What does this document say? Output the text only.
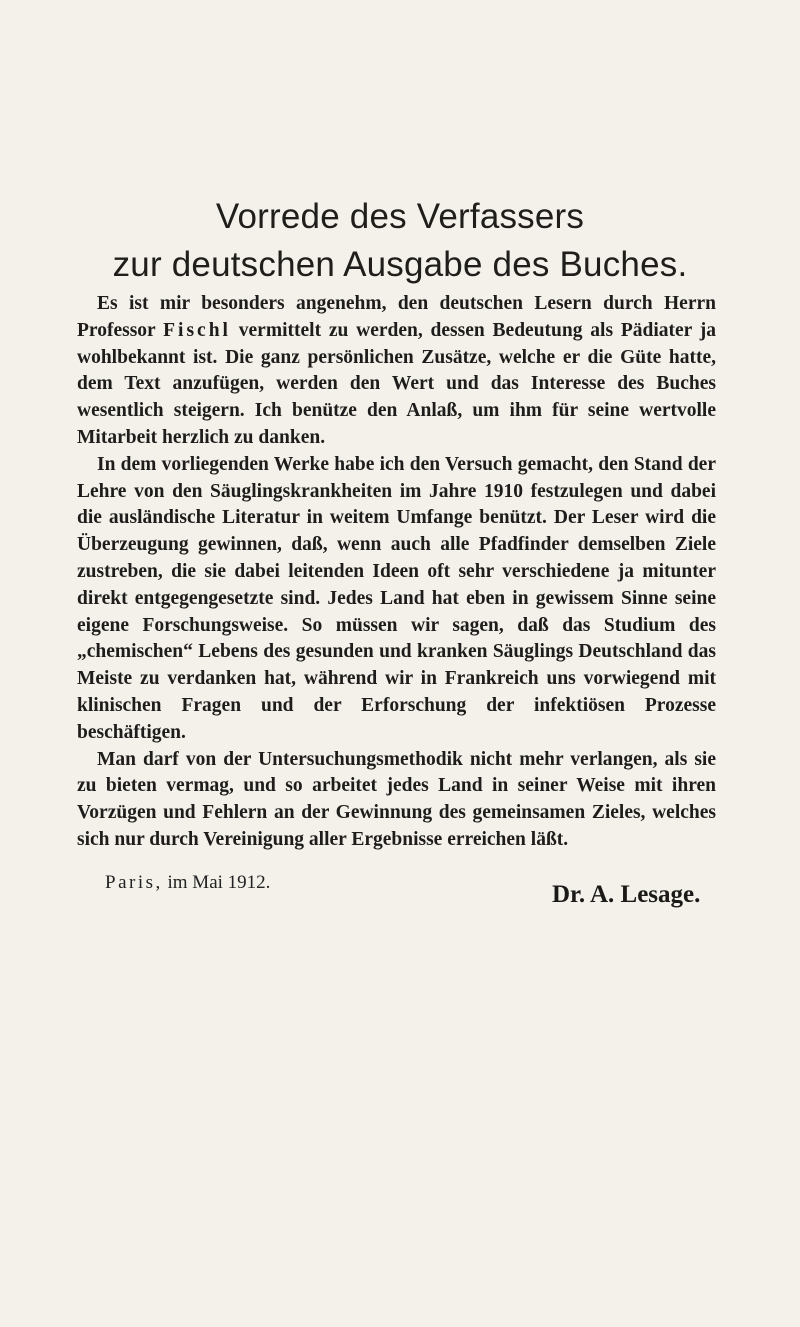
Vorrede des Verfassers
zur deutschen Ausgabe des Buches.

Es ist mir besonders angenehm, den deutschen Lesern durch Herrn Professor Fischl vermittelt zu werden, dessen Bedeutung als Pädiater ja wohlbekannt ist. Die ganz persönlichen Zusätze, welche er die Güte hatte, dem Text anzufügen, werden den Wert und das Interesse des Buches wesentlich steigern. Ich benütze den Anlaß, um ihm für seine wertvolle Mitarbeit herzlich zu danken.

In dem vorliegenden Werke habe ich den Versuch gemacht, den Stand der Lehre von den Säuglingskrankheiten im Jahre 1910 festzulegen und dabei die ausländische Literatur in weitem Umfange benützt. Der Leser wird die Überzeugung gewinnen, daß, wenn auch alle Pfadfinder demselben Ziele zustreben, die sie dabei leitenden Ideen oft sehr verschiedene ja mitunter direkt entgegengesetzte sind. Jedes Land hat eben in gewissem Sinne seine eigene Forschungsweise. So müssen wir sagen, daß das Studium des „chemischen“ Lebens des gesunden und kranken Säuglings Deutschland das Meiste zu verdanken hat, während wir in Frankreich uns vorwiegend mit klinischen Fragen und der Erforschung der infektiösen Prozesse beschäftigen.

Man darf von der Untersuchungsmethodik nicht mehr verlangen, als sie zu bieten vermag, und so arbeitet jedes Land in seiner Weise mit ihren Vorzügen und Fehlern an der Gewinnung des gemeinsamen Zieles, welches sich nur durch Vereinigung aller Ergebnisse erreichen läßt.

Paris, im Mai 1912.	Dr. A. Lesage.
